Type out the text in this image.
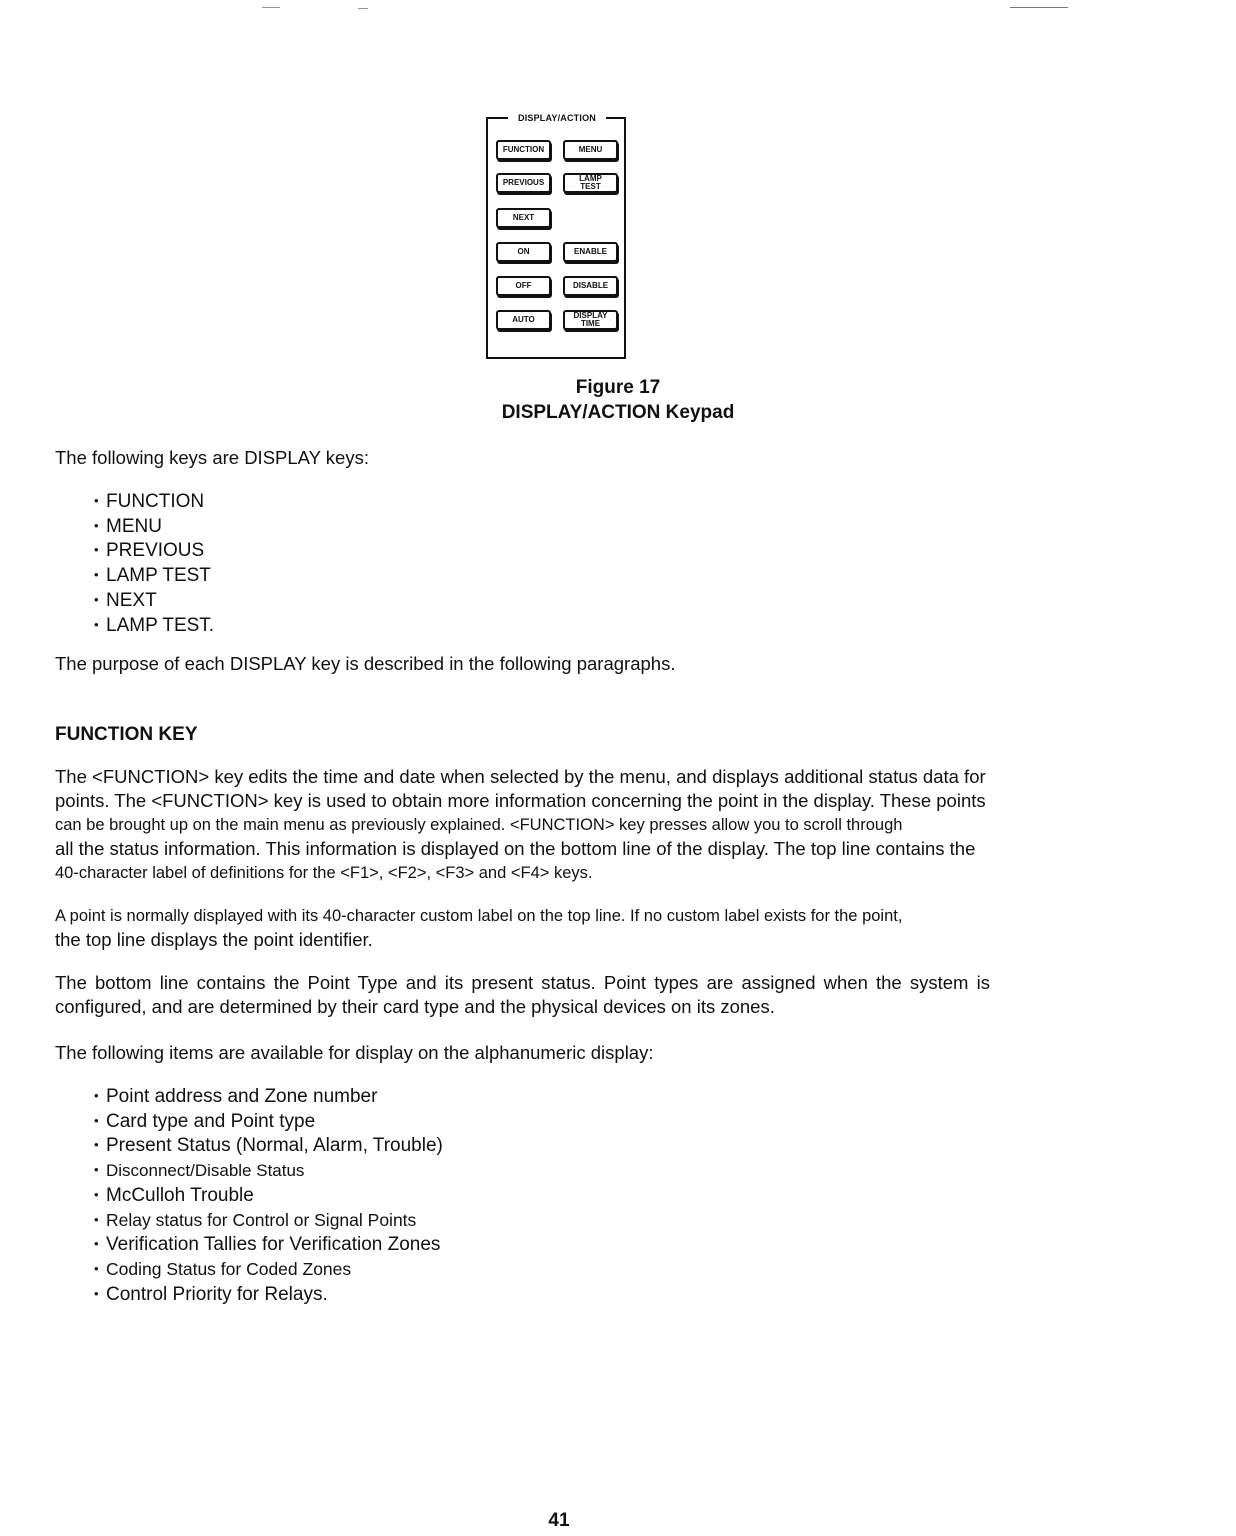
DISPLAY/ACTION
FUNCTION	MENU
PREVIOUS	LAMP
TEST
NEXT
ON	ENABLE
OFF	DISABLE
AUTO	DISPLAY
TIME
Figure 17
DISPLAY/ACTION Keypad
The following keys are DISPLAY keys:
• FUNCTION
• MENU
• PREVIOUS
• LAMP TEST
• NEXT
• LAMP TEST.
The purpose of each DISPLAY key is described in the following paragraphs.
FUNCTION KEY
The <FUNCTION> key edits the time and date when selected by the menu, and displays additional status data for
points. The <FUNCTION> key is used to obtain more information concerning the point in the display. These points
can be brought up on the main menu as previously explained. <FUNCTION> key presses allow you to scroll through
all the status information. This information is displayed on the bottom line of the display. The top line contains the
40-character label of definitions for the <F1>, <F2>, <F3> and <F4> keys.
A point is normally displayed with its 40-character custom label on the top line. If no custom label exists for the point,
the top line displays the point identifier.
The bottom line contains the Point Type and its present status. Point types are assigned when the system is
configured, and are determined by their card type and the physical devices on its zones.
The following items are available for display on the alphanumeric display:
• Point address and Zone number
• Card type and Point type
• Present Status (Normal, Alarm, Trouble)
• Disconnect/Disable Status
• McCulloh Trouble
• Relay status for Control or Signal Points
• Verification Tallies for Verification Zones
• Coding Status for Coded Zones
• Control Priority for Relays.
41
